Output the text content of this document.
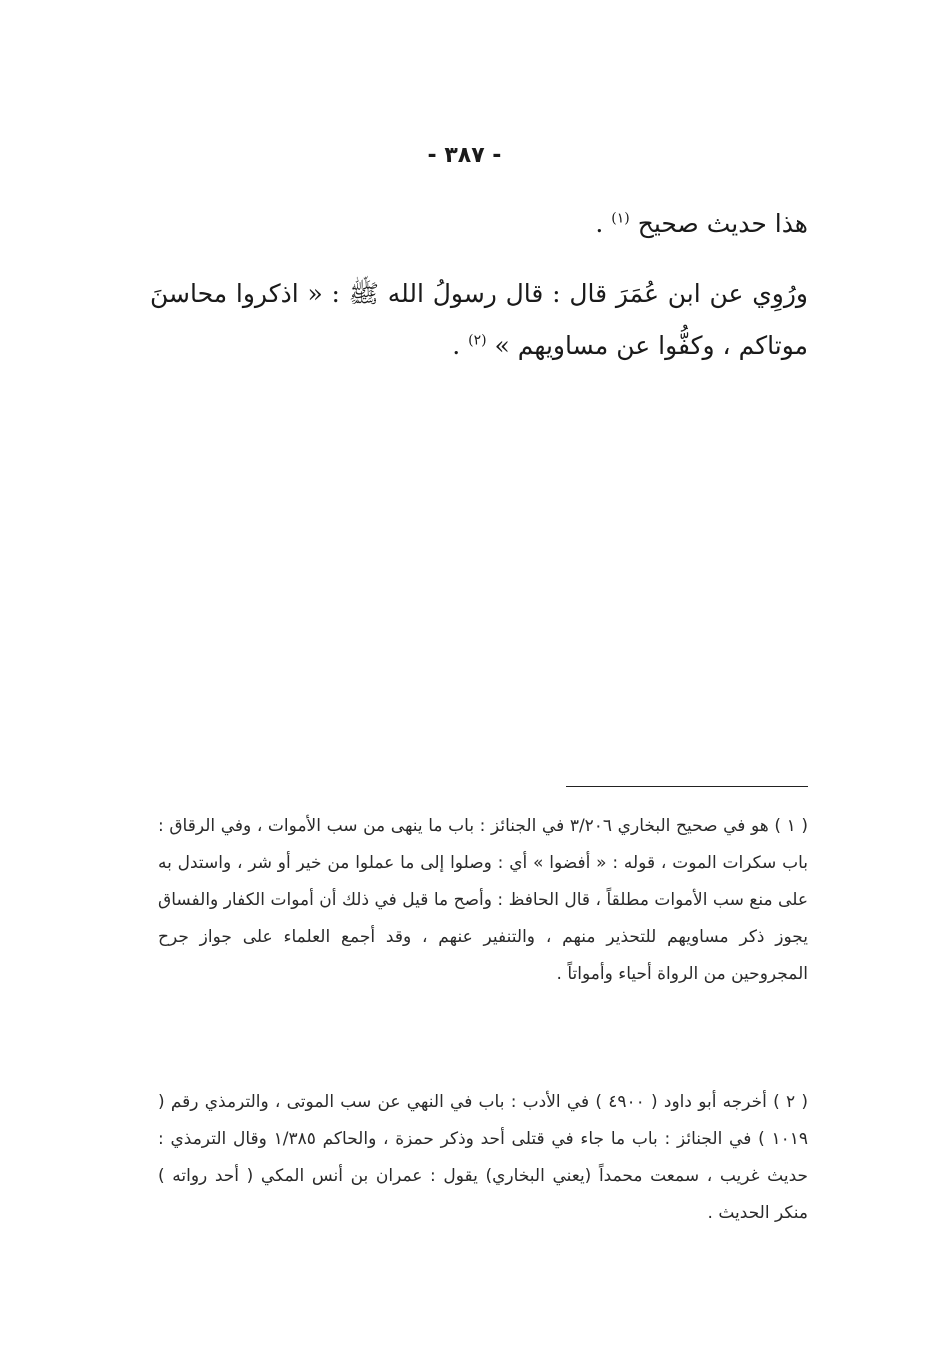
- ٣٨٧ -
هذا حديث صحيح $^{(١)}$ .
ورُوِي عن ابن عُمَرَ قال : قال رسولُ الله ﷺ : « اذكروا محاسنَ موتاكم ، وكفُّوا عن مساويهم » $^{(٢)}$ .
( ١ ) هو في صحيح البخاري ٣/٢٠٦ في الجنائز : باب ما ينهى من سب الأموات ، وفي الرقاق : باب سكرات الموت ، قوله : « أفضوا » أي : وصلوا إلى ما عملوا من خير أو شر ، واستدل به على منع سب الأموات مطلقاً ، قال الحافظ : وأصح ما قيل في ذلك أن أموات الكفار والفساق يجوز ذكر مساويهم للتحذير منهم ، والتنفير عنهم ، وقد أجمع العلماء على جواز جرح المجروحين من الرواة أحياء وأمواتاً .
( ٢ ) أخرجه أبو داود ( ٤٩٠٠ ) في الأدب : باب في النهي عن سب الموتى ، والترمذي رقم ( ١٠١٩ ) في الجنائز : باب ما جاء في قتلى أحد وذكر حمزة ، والحاكم ١/٣٨٥ وقال الترمذي : حديث غريب ، سمعت محمداً (يعني البخاري) يقول : عمران بن أنس المكي ( أحد رواته ) منكر الحديث .
